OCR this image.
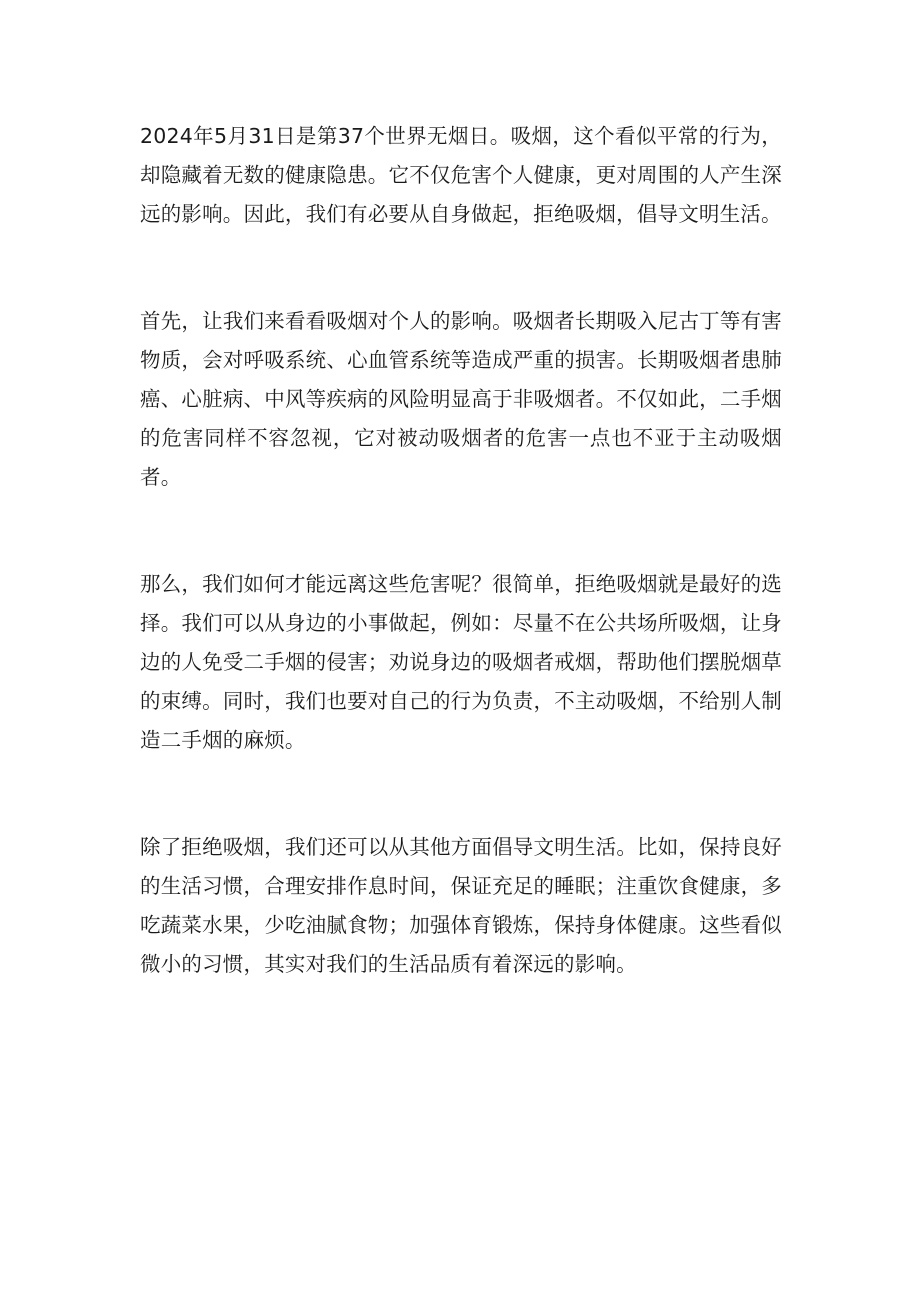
2024年5月31日是第37个世界无烟日。吸烟，这个看似平常的行为，却隐藏着无数的健康隐患。它不仅危害个人健康，更对周围的人产生深远的影响。因此，我们有必要从自身做起，拒绝吸烟，倡导文明生活。

首先，让我们来看看吸烟对个人的影响。吸烟者长期吸入尼古丁等有害物质，会对呼吸系统、心血管系统等造成严重的损害。长期吸烟者患肺癌、心脏病、中风等疾病的风险明显高于非吸烟者。不仅如此，二手烟的危害同样不容忽视，它对被动吸烟者的危害一点也不亚于主动吸烟者。

那么，我们如何才能远离这些危害呢？很简单，拒绝吸烟就是最好的选择。我们可以从身边的小事做起，例如：尽量不在公共场所吸烟，让身边的人免受二手烟的侵害；劝说身边的吸烟者戒烟，帮助他们摆脱烟草的束缚。同时，我们也要对自己的行为负责，不主动吸烟，不给别人制造二手烟的麻烦。

除了拒绝吸烟，我们还可以从其他方面倡导文明生活。比如，保持良好的生活习惯，合理安排作息时间，保证充足的睡眠；注重饮食健康，多吃蔬菜水果，少吃油腻食物；加强体育锻炼，保持身体健康。这些看似微小的习惯，其实对我们的生活品质有着深远的影响。
